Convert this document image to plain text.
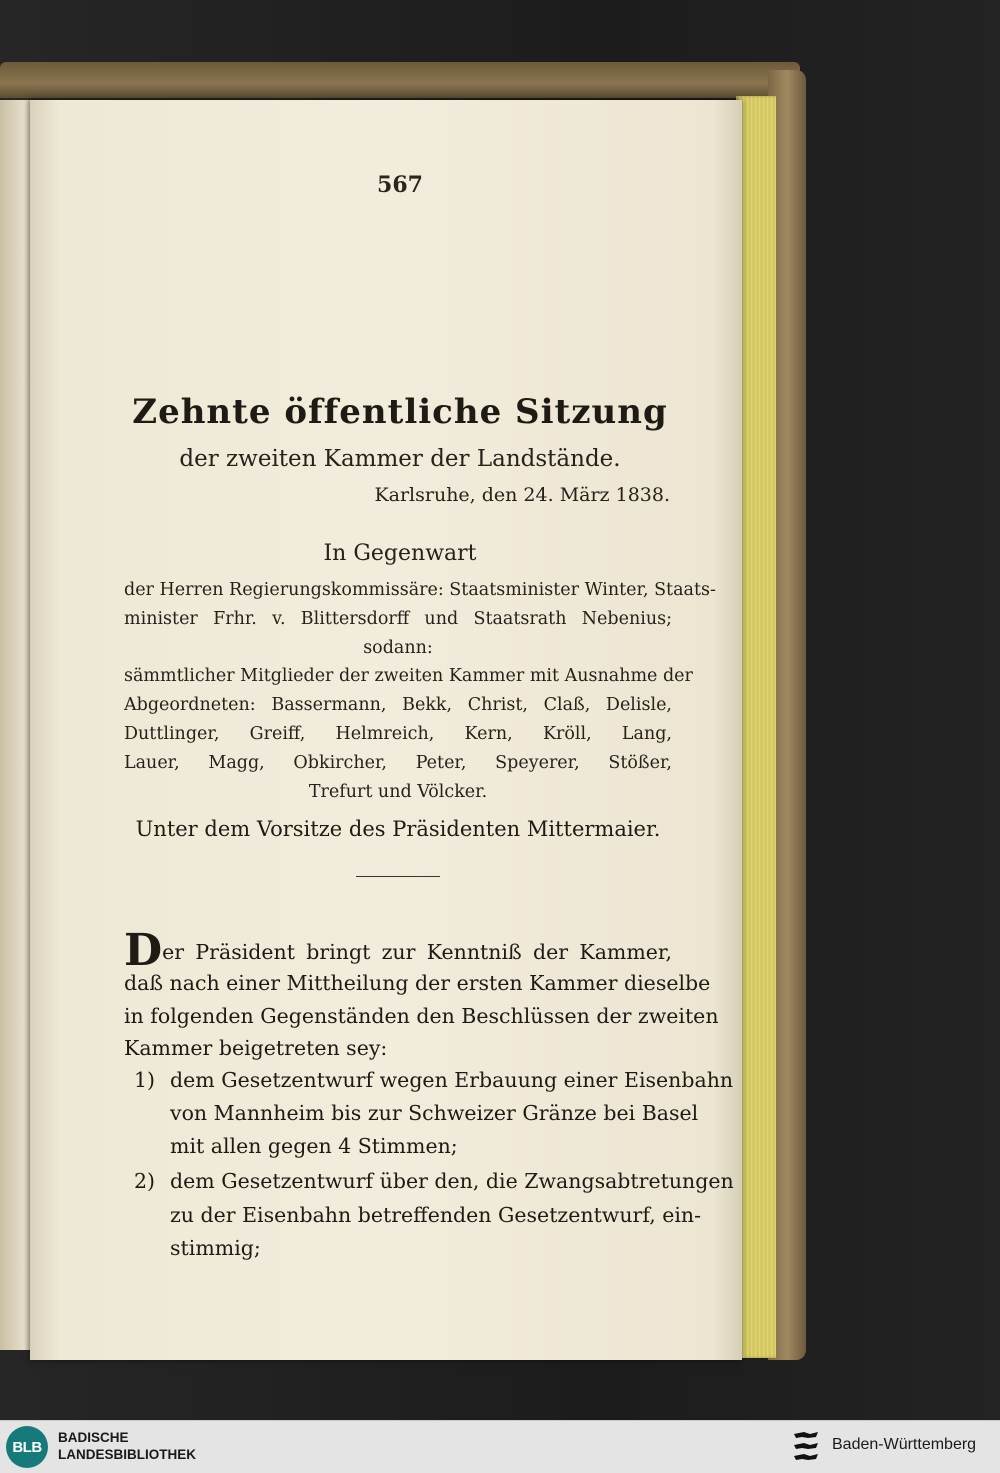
567
Zehnte öffentliche Sitzung
der zweiten Kammer der Landstände.
Karlsruhe, den 24. März 1838.
In Gegenwart
der Herren Regierungskommissäre: Staatsminister Winter, Staats-
minister Frhr. v. Blittersdorff und Staatsrath Nebenius;
sodann:
sämmtlicher Mitglieder der zweiten Kammer mit Ausnahme der
Abgeordneten: Bassermann, Bekk, Christ, Claß, Delisle,
Duttlinger, Greiff, Helmreich, Kern, Kröll, Lang,
Lauer, Magg, Obkircher, Peter, Speyerer, Stößer,
Trefurt und Völcker.
Unter dem Vorsitze des Präsidenten Mittermaier.
Der Präsident bringt zur Kenntniß der Kammer,
daß nach einer Mittheilung der ersten Kammer dieselbe
in folgenden Gegenständen den Beschlüssen der zweiten
Kammer beigetreten sey:
1) dem Gesetzentwurf wegen Erbauung einer Eisenbahn
von Mannheim bis zur Schweizer Gränze bei Basel
mit allen gegen 4 Stimmen;
2) dem Gesetzentwurf über den, die Zwangsabtretungen
zu der Eisenbahn betreffenden Gesetzentwurf, ein-
stimmig;
BLB
BADISCHE
LANDESBIBLIOTHEK
Baden-Württemberg
